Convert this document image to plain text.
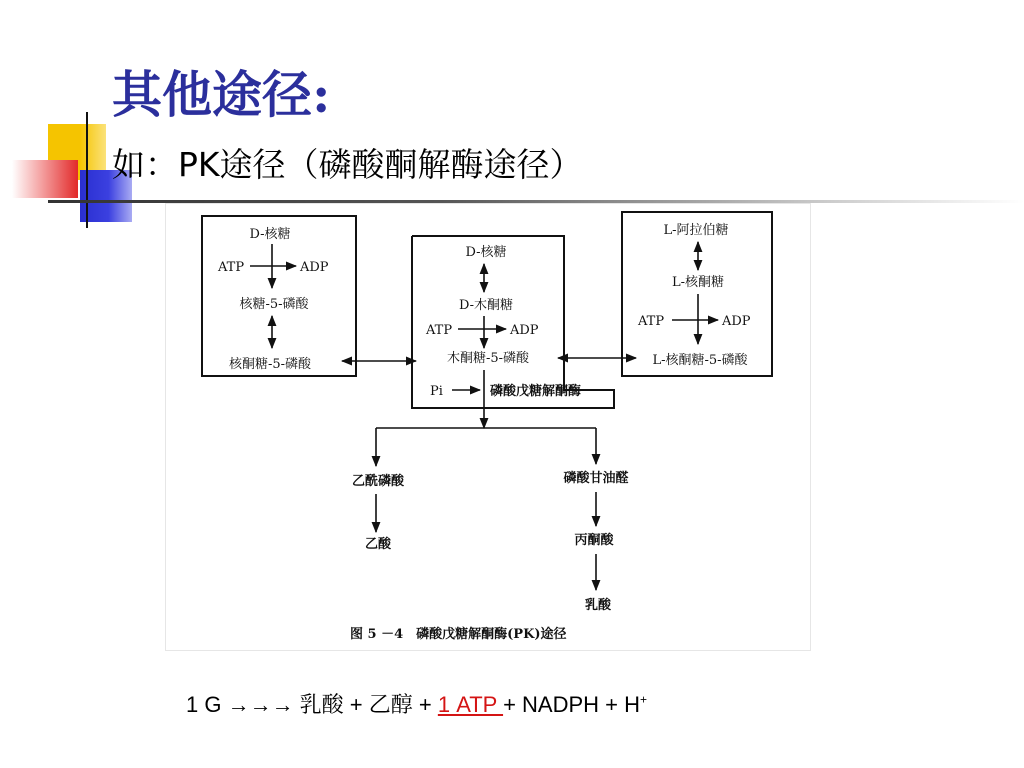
其他途径:
如：PK途径（磷酸酮解酶途径）
D-核糖
ATP	ADP
核糖-5-磷酸
核酮糖-5-磷酸
D-核糖
D-木酮糖
ATP	ADP
木酮糖-5-磷酸
Pi	磷酸戊糖解酮酶
L-阿拉伯糖
L-核酮糖
ATP	ADP
L-核酮糖-5-磷酸
乙酰磷酸
乙酸
磷酸甘油醛
丙酮酸
乳酸
图 5 －4　磷酸戊糖解酮酶(PK)途径
1 G →→→ 乳酸 + 乙醇 + 1 ATP + NADPH + H+
